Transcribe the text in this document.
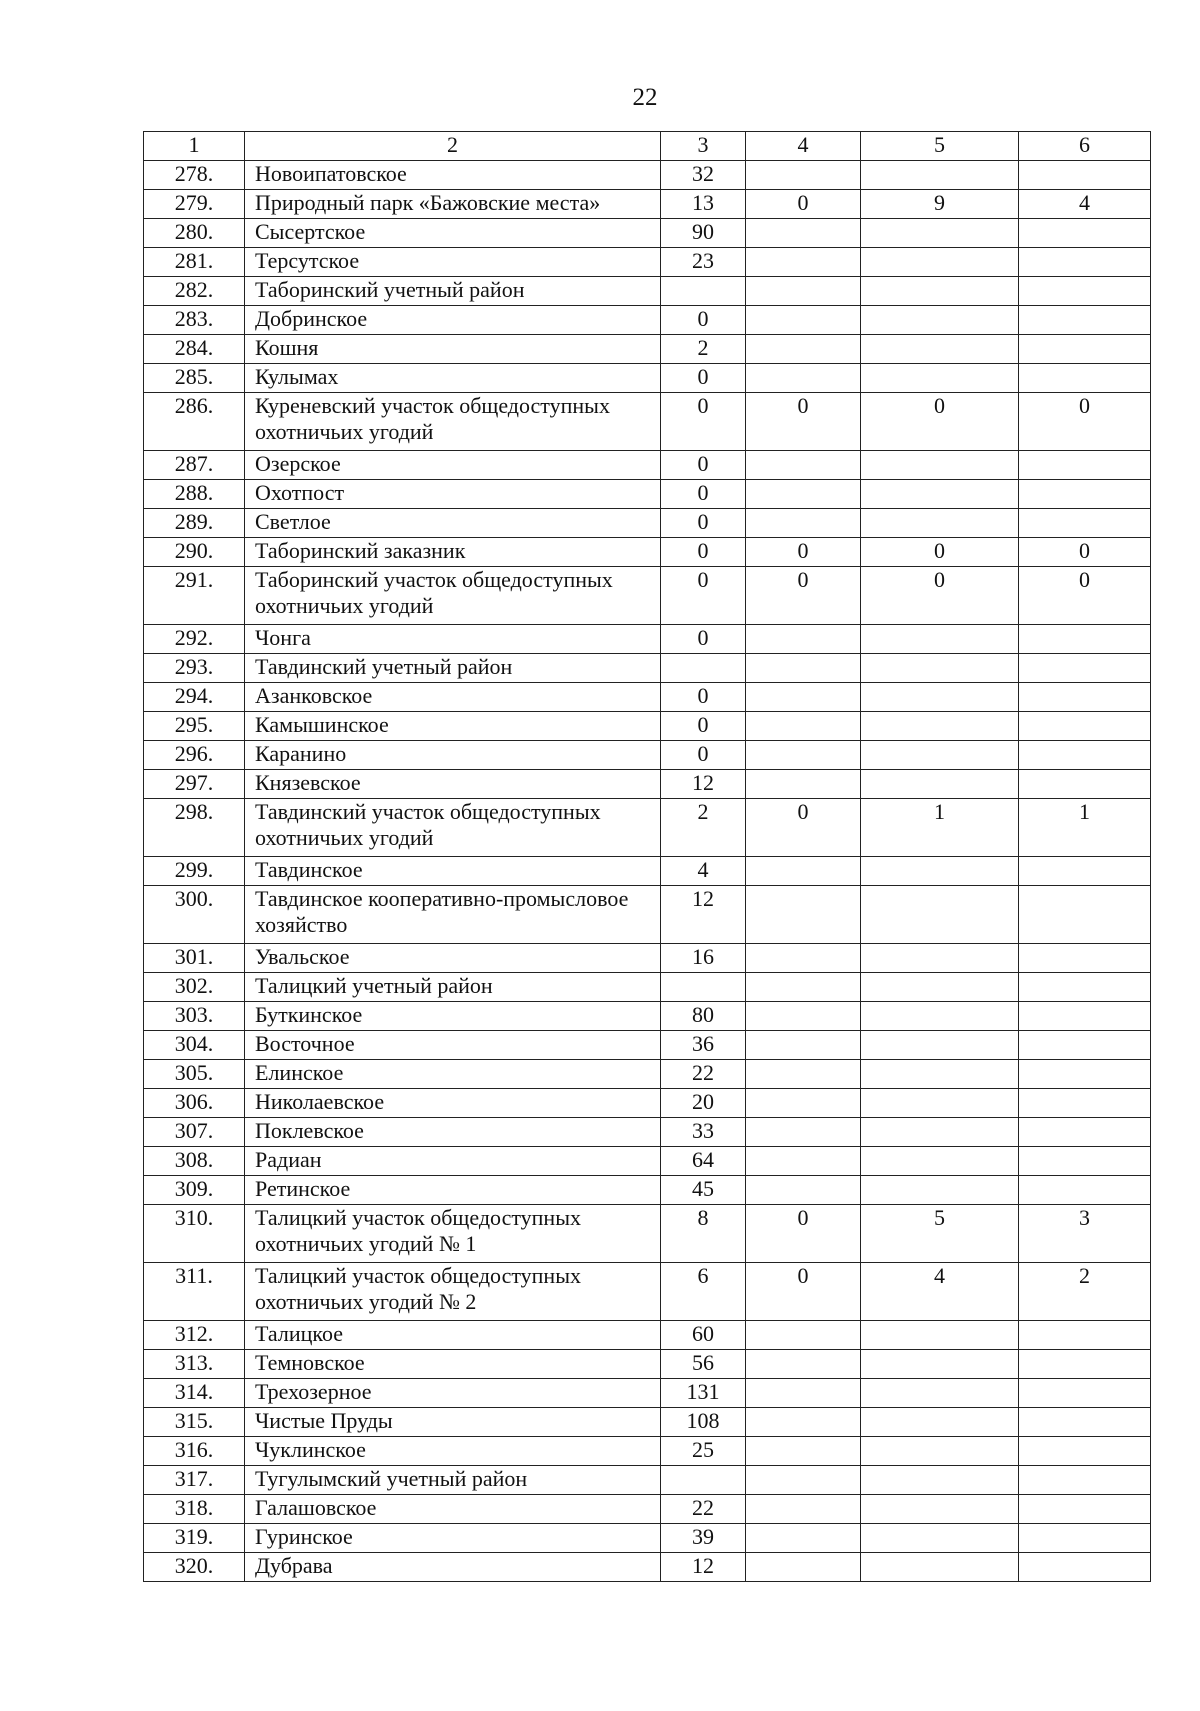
22
1	2	3	4	5	6
278.	Новоипатовское	32			
279.	Природный парк «Бажовские места»	13	0	9	4
280.	Сысертское	90			
281.	Терсутское	23			
282.	Таборинский учетный район				
283.	Добринское	0			
284.	Кошня	2			
285.	Кулымах	0			
286.	Куреневский участок общедоступных охотничьих угодий	0	0	0	0
287.	Озерское	0			
288.	Охотпост	0			
289.	Светлое	0			
290.	Таборинский заказник	0	0	0	0
291.	Таборинский участок общедоступных охотничьих угодий	0	0	0	0
292.	Чонга	0			
293.	Тавдинский учетный район				
294.	Азанковское	0			
295.	Камышинское	0			
296.	Каранино	0			
297.	Князевское	12			
298.	Тавдинский участок общедоступных охотничьих угодий	2	0	1	1
299.	Тавдинское	4			
300.	Тавдинское кооперативно-промысловое хозяйство	12			
301.	Увальское	16			
302.	Талицкий учетный район				
303.	Буткинское	80			
304.	Восточное	36			
305.	Елинское	22			
306.	Николаевское	20			
307.	Поклевское	33			
308.	Радиан	64			
309.	Ретинское	45			
310.	Талицкий участок общедоступных охотничьих угодий № 1	8	0	5	3
311.	Талицкий участок общедоступных охотничьих угодий № 2	6	0	4	2
312.	Талицкое	60			
313.	Темновское	56			
314.	Трехозерное	131			
315.	Чистые Пруды	108			
316.	Чуклинское	25			
317.	Тугулымский учетный район				
318.	Галашовское	22			
319.	Гуринское	39			
320.	Дубрава	12			
